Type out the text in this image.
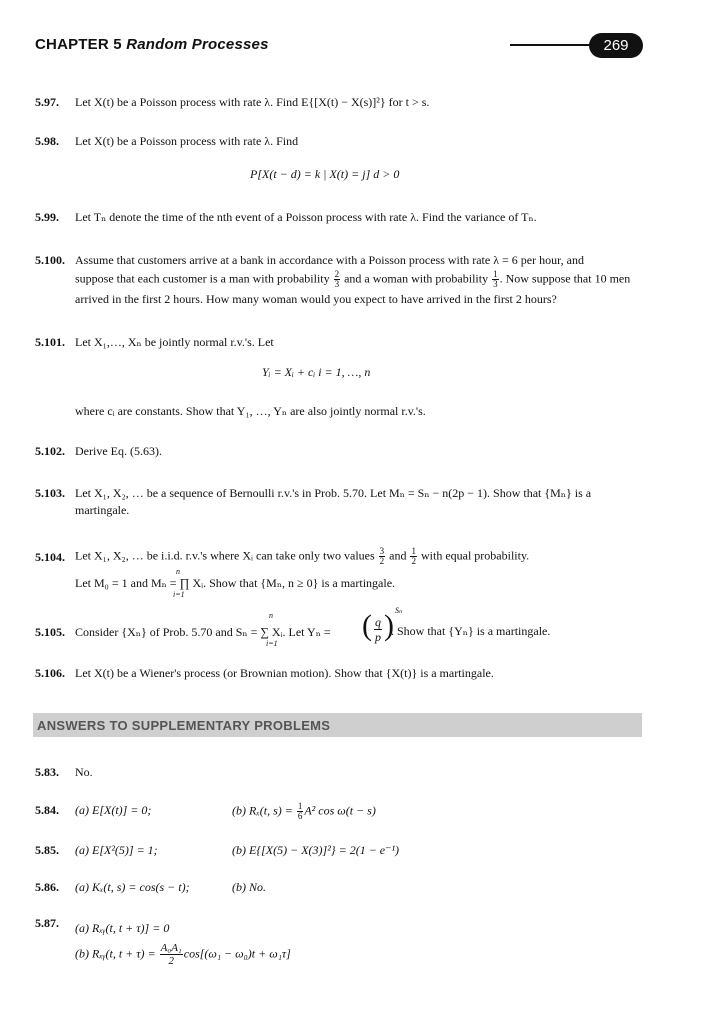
CHAPTER 5 Random Processes	269
5.97. Let X(t) be a Poisson process with rate λ. Find E{[X(t) − X(s)]²} for t > s.
5.98. Let X(t) be a Poisson process with rate λ. Find
P[X(t − d) = k | X(t) = j] d > 0
5.99. Let Tₙ denote the time of the nth event of a Poisson process with rate λ. Find the variance of Tₙ.
5.100. Assume that customers arrive at a bank in accordance with a Poisson process with rate λ = 6 per hour, and
suppose that each customer is a man with probability $\frac{2}{3}$ and a woman with probability $\frac{1}{3}$ . Now suppose that 10 men
arrived in the first 2 hours. How many woman would you expect to have arrived in the first 2 hours?
5.101. Let X₁,…, Xₙ be jointly normal r.v.'s. Let
Yᵢ = Xᵢ + cᵢ i = 1, …, n
where cᵢ are constants. Show that Y₁, …, Yₙ are also jointly normal r.v.'s.
5.102. Derive Eq. (5.63).
5.103. Let X₁, X₂, … be a sequence of Bernoulli r.v.'s in Prob. 5.70. Let Mₙ = Sₙ − n(2p − 1). Show that {Mₙ} is a
martingale.
5.104. Let X₁, X₂, … be i.i.d. r.v.'s where Xᵢ can take only two values $\frac{3}{2}$ and $\frac{1}{2}$ with equal probability.
n
Let M₀ = 1 and Mₙ = ∏ Xᵢ. Show that {Mₙ, n ≥ 0} is a martingale.
i=1
5.105.
n
Consider {Xₙ} of Prob. 5.70 and Sₙ = ∑ Xᵢ. Let Yₙ =
i=1
( $\frac{q}{p}$ ) Sₙ
. Show that {Yₙ} is a martingale.
5.106. Let X(t) be a Wiener's process (or Brownian motion). Show that {X(t)} is a martingale.
ANSWERS TO SUPPLEMENTARY PROBLEMS
5.83. No.
5.84. (a) E[X(t)] = 0;	(b) Rₓ(t, $s) = \frac{1}{6} A^2$ cos ω(t − s)
5.85. (a) E[X²(5)] = 1;	(b) E{[X(5) − X(3)]²} = 2(1 − e⁻¹)
5.86. (a) Kₓ(t, s) = cos(s − t);	(b) No.
5.87. (a) Rₓᵧ(t, t + τ)] = 0
(b) Rₓᵧ(t, $t + \tau) = \frac{\text{A₀A₁}}{2} \cos[(\omega_1 - \omega_0)t + \omega_1\tau]$
